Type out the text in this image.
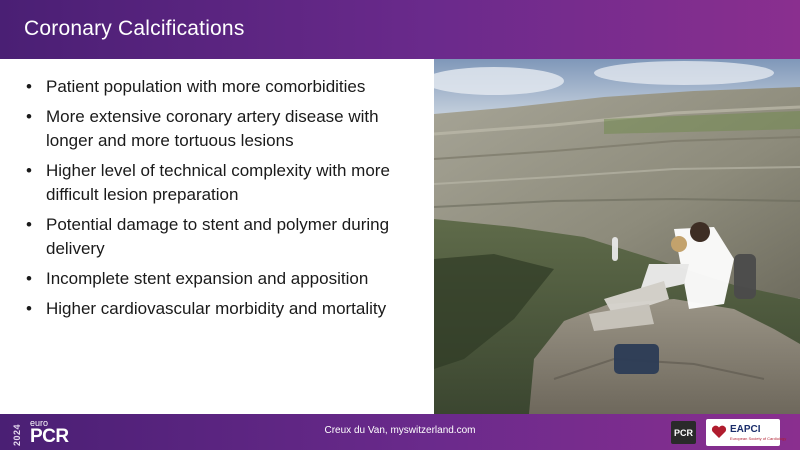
Coronary Calcifications
• Patient population with more comorbidities
• More extensive coronary artery disease with longer and more tortuous lesions
• Higher level of technical complexity with more difficult lesion preparation
• Potential damage to stent and polymer during delivery
• Incomplete stent expansion and apposition
• Higher cardiovascular morbidity and mortality
2024
euro
PCR	Creux du Van, myswitzerland.com	PCR	EAPCI
European Society of Cardiology
